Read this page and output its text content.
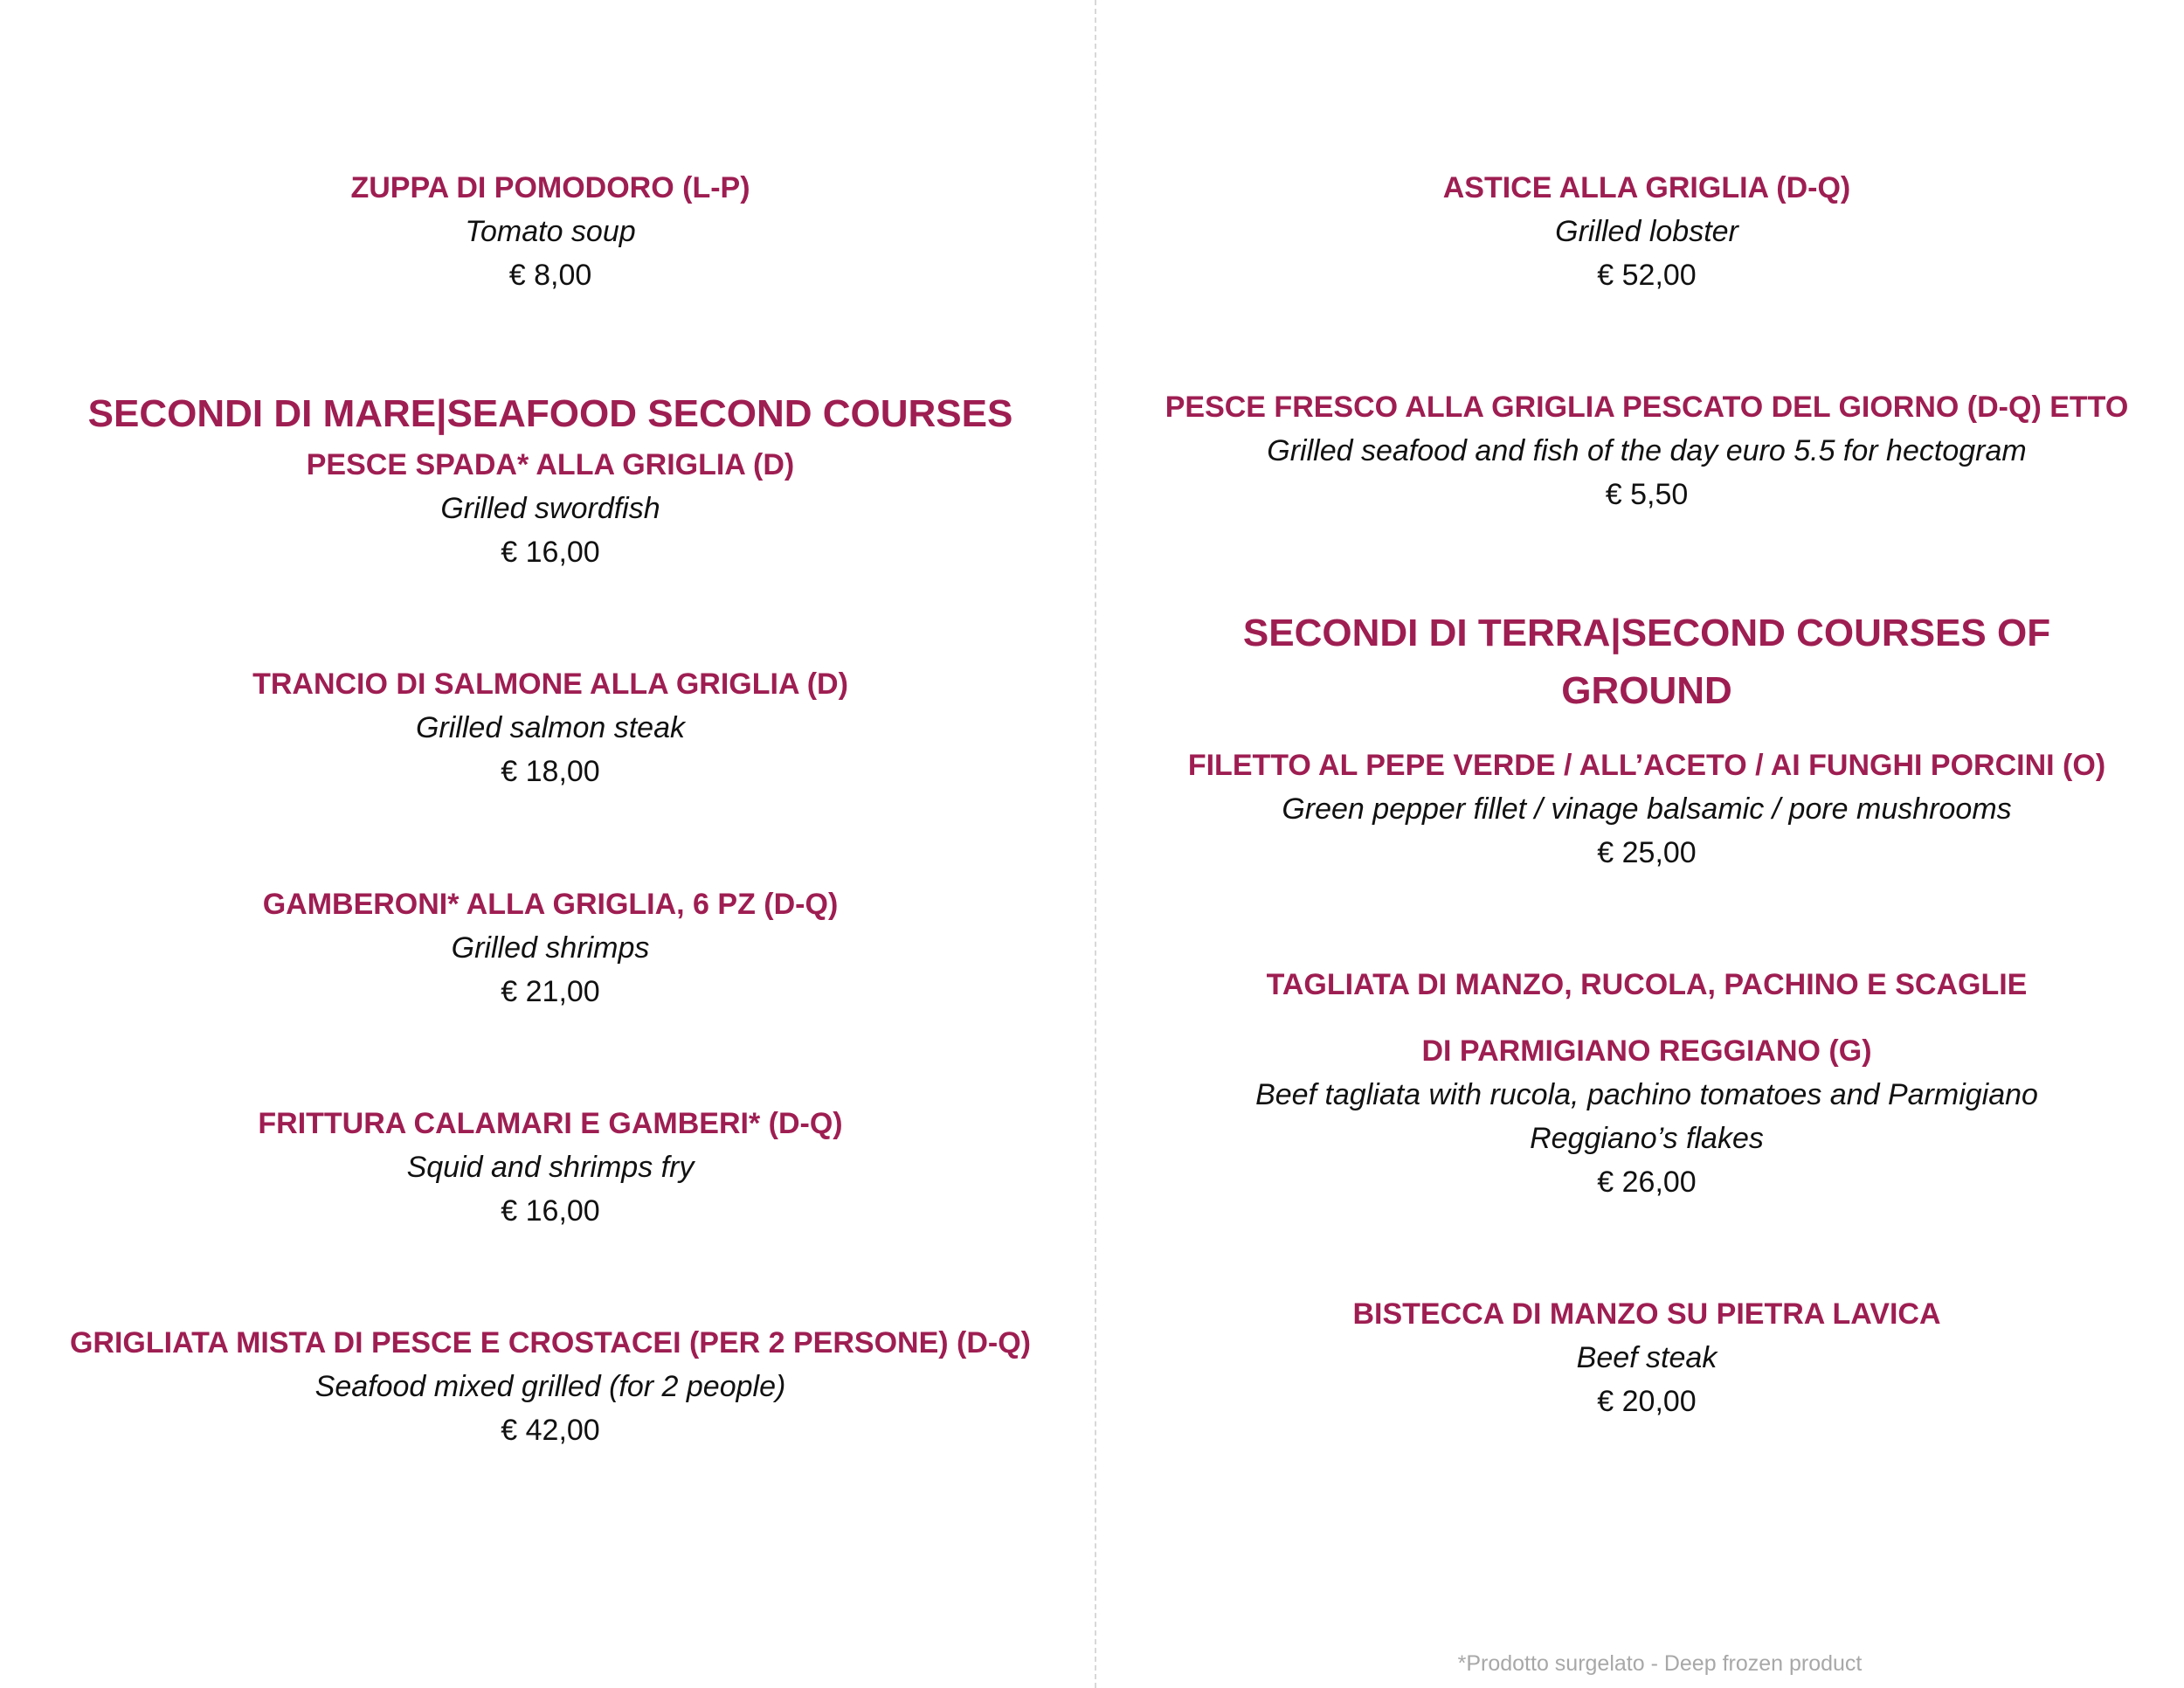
ZUPPA DI POMODORO (L-P)
Tomato soup
€ 8,00
SECONDI DI MARE|SEAFOOD SECOND COURSES
PESCE SPADA* ALLA GRIGLIA (D)
Grilled swordfish
€ 16,00
TRANCIO DI SALMONE ALLA GRIGLIA (D)
Grilled salmon steak
€ 18,00
GAMBERONI* ALLA GRIGLIA, 6 PZ (D-Q)
Grilled shrimps
€ 21,00
FRITTURA CALAMARI E GAMBERI* (D-Q)
Squid and shrimps fry
€ 16,00
GRIGLIATA MISTA DI PESCE E CROSTACEI (PER 2 PERSONE) (D-Q)
Seafood mixed grilled (for 2 people)
€ 42,00
ASTICE ALLA GRIGLIA (D-Q)
Grilled lobster
€ 52,00
PESCE FRESCO ALLA GRIGLIA PESCATO DEL GIORNO (D-Q) ETTO
Grilled seafood and fish of the day euro 5.5 for hectogram
€ 5,50
SECONDI DI TERRA|SECOND COURSES OF
GROUND
FILETTO AL PEPE VERDE / ALL’ACETO / AI FUNGHI PORCINI (O)
Green pepper fillet / vinage balsamic / pore mushrooms
€ 25,00
TAGLIATA DI MANZO, RUCOLA, PACHINO E SCAGLIE
DI PARMIGIANO REGGIANO (G)
Beef tagliata with rucola, pachino tomatoes and Parmigiano
Reggiano’s flakes
€ 26,00
BISTECCA DI MANZO SU PIETRA LAVICA
Beef steak
€ 20,00
*Prodotto surgelato - Deep frozen product
